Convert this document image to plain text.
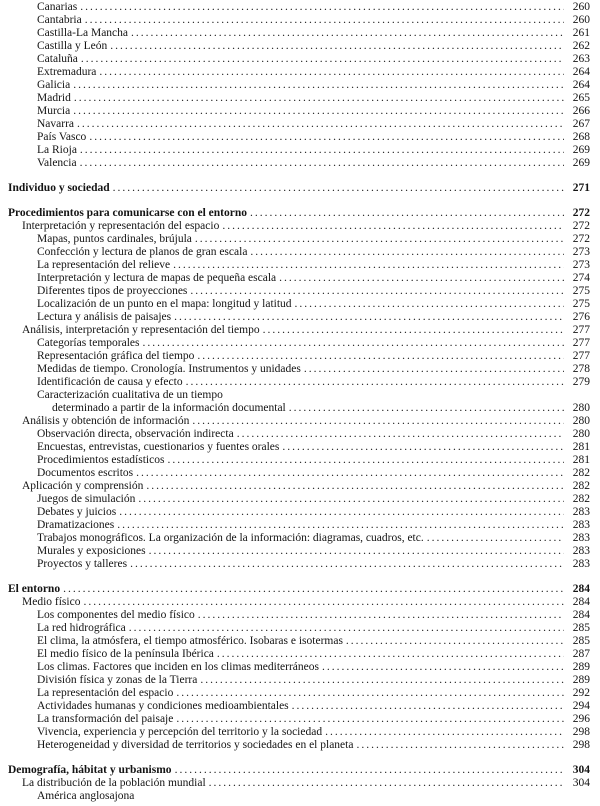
Canarias .....	260
Cantabria .....	260
Castilla-La Mancha .....	261
Castilla y León .....	262
Cataluña .....	263
Extremadura .....	264
Galicia .....	264
Madrid .....	265
Murcia .....	266
Navarra .....	267
País Vasco .....	268
La Rioja .....	269
Valencia .....	269
Individuo y sociedad .....	271
Procedimientos para comunicarse con el entorno .....	272
Interpretación y representación del espacio .....	272
Mapas, puntos cardinales, brújula .....	272
Confección y lectura de planos de gran escala .....	273
La representación del relieve .....	273
Interpretación y lectura de mapas de pequeña escala .....	274
Diferentes tipos de proyecciones .....	275
Localización de un punto en el mapa: longitud y latitud .....	275
Lectura y análisis de paisajes .....	276
Análisis, interpretación y representación del tiempo .....	277
Categorías temporales .....	277
Representación gráfica del tiempo .....	277
Medidas de tiempo. Cronología. Instrumentos y unidades .....	278
Identificación de causa y efecto .....	279
Caracterización cualitativa de un tiempo
determinado a partir de la información documental .....	280
Análisis y obtención de información .....	280
Observación directa, observación indirecta .....	280
Encuestas, entrevistas, cuestionarios y fuentes orales .....	281
Procedimientos estadísticos .....	281
Documentos escritos .....	282
Aplicación y comprensión .....	282
Juegos de simulación .....	282
Debates y juicios .....	283
Dramatizaciones .....	283
Trabajos monográficos. La organización de la información: diagramas, cuadros, etc. .....	283
Murales y exposiciones .....	283
Proyectos y talleres .....	283
El entorno .....	284
Medio físico .....	284
Los componentes del medio físico .....	284
La red hidrográfica .....	285
El clima, la atmósfera, el tiempo atmosférico. Isobaras e isotermas .....	285
El medio físico de la península Ibérica .....	287
Los climas. Factores que inciden en los climas mediterráneos .....	289
División física y zonas de la Tierra .....	289
La representación del espacio .....	292
Actividades humanas y condiciones medioambientales .....	294
La transformación del paisaje .....	296
Vivencia, experiencia y percepción del territorio y la sociedad .....	298
Heterogeneidad y diversidad de territorios y sociedades en el planeta .....	298
Demografía, hábitat y urbanismo .....	304
La distribución de la población mundial .....	304
América anglosajona
